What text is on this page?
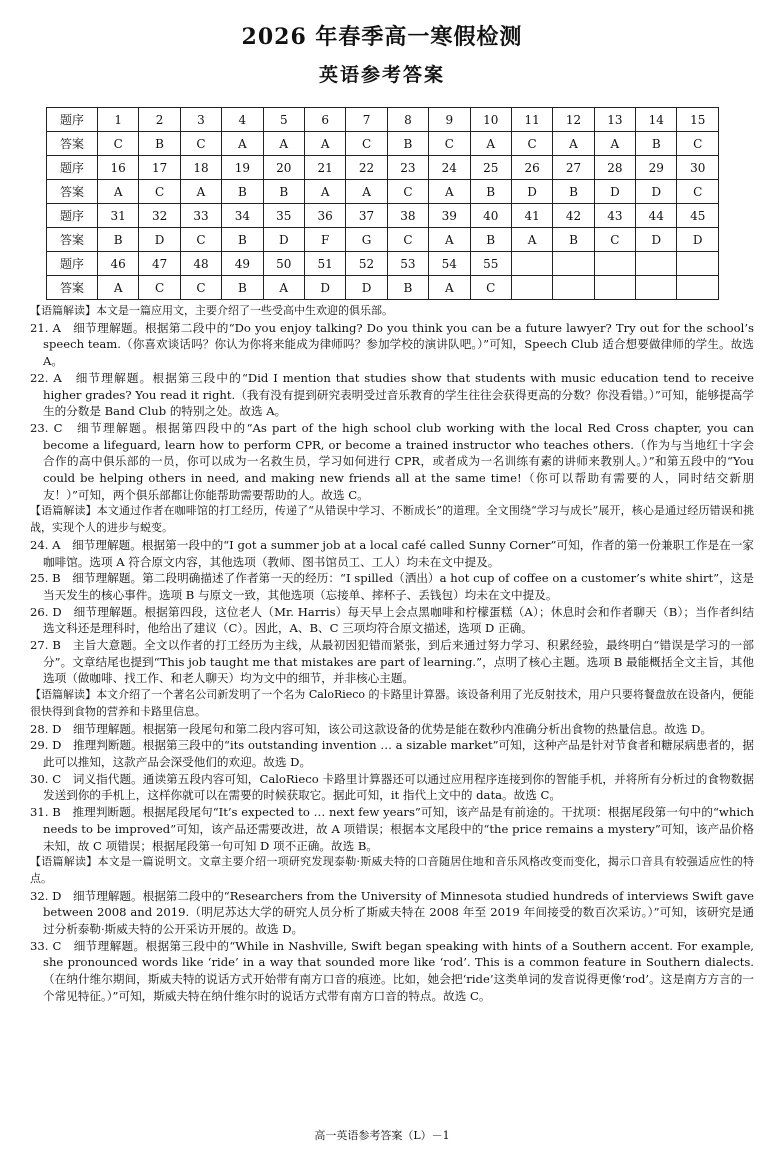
2026 年春季高一寒假检测
英语参考答案
题序	1	2	3	4	5	6	7	8	9	10	11	12	13	14	15
答案	C	B	C	A	A	A	C	B	C	A	C	A	A	B	C
题序	16	17	18	19	20	21	22	23	24	25	26	27	28	29	30
答案	A	C	A	B	B	A	A	C	A	B	D	B	D	D	C
题序	31	32	33	34	35	36	37	38	39	40	41	42	43	44	45
答案	B	D	C	B	D	F	G	C	A	B	A	B	C	D	D
题序	46	47	48	49	50	51	52	53	54	55					
答案	A	C	C	B	A	D	D	B	A	C					
【语篇解读】本文是一篇应用文，主要介绍了一些受高中生欢迎的俱乐部。
21. A　细节理解题。根据第二段中的“Do you enjoy talking? Do you think you can be a future lawyer? Try out for the school’s speech team.（你喜欢谈话吗？你认为你将来能成为律师吗？参加学校的演讲队吧。）”可知，Speech Club 适合想要做律师的学生。故选 A。
22. A　细节理解题。根据第三段中的“Did I mention that studies show that students with music education tend to receive higher grades? You read it right.（我有没有提到研究表明受过音乐教育的学生往往会获得更高的分数？你没看错。）”可知，能够提高学生的分数是 Band Club 的特别之处。故选 A。
23. C　细节理解题。根据第四段中的“As part of the high school club working with the local Red Cross chapter, you can become a lifeguard, learn how to perform CPR, or become a trained instructor who teaches others.（作为与当地红十字会合作的高中俱乐部的一员，你可以成为一名救生员，学习如何进行 CPR，或者成为一名训练有素的讲师来教别人。）”和第五段中的“You could be helping others in need, and making new friends all at the same time!（你可以帮助有需要的人，同时结交新朋友！）”可知，两个俱乐部都让你能帮助需要帮助的人。故选 C。
【语篇解读】本文通过作者在咖啡馆的打工经历，传递了“从错误中学习、不断成长”的道理。全文围绕“学习与成长”展开，核心是通过经历错误和挑战，实现个人的进步与蜕变。
24. A　细节理解题。根据第一段中的“I got a summer job at a local café called Sunny Corner”可知，作者的第一份兼职工作是在一家咖啡馆。选项 A 符合原文内容，其他选项（教师、图书馆员工、工人）均未在文中提及。
25. B　细节理解题。第二段明确描述了作者第一天的经历：“I spilled（洒出）a hot cup of coffee on a customer’s white shirt”，这是当天发生的核心事件。选项 B 与原文一致，其他选项（忘接单、摔杯子、丢钱包）均未在文中提及。
26. D　细节理解题。根据第四段，这位老人（Mr. Harris）每天早上会点黑咖啡和柠檬蛋糕（A）；休息时会和作者聊天（B）；当作者纠结选文科还是理科时，他给出了建议（C）。因此，A、B、C 三项均符合原文描述，选项 D 正确。
27. B　主旨大意题。全文以作者的打工经历为主线，从最初因犯错而紧张，到后来通过努力学习、积累经验，最终明白“错误是学习的一部分”。文章结尾也提到“This job taught me that mistakes are part of learning.”，点明了核心主题。选项 B 最能概括全文主旨，其他选项（做咖啡、找工作、和老人聊天）均为文中的细节，并非核心主题。
【语篇解读】本文介绍了一个著名公司新发明了一个名为 CaloRieco 的卡路里计算器。该设备利用了光反射技术，用户只要将餐盘放在设备内，便能很快得到食物的营养和卡路里信息。
28. D　细节理解题。根据第一段尾句和第二段内容可知，该公司这款设备的优势是能在数秒内准确分析出食物的热量信息。故选 D。
29. D　推理判断题。根据第三段中的“its outstanding invention … a sizable market”可知，这种产品是针对节食者和糖尿病患者的，据此可以推知，这款产品会深受他们的欢迎。故选 D。
30. C　词义指代题。通读第五段内容可知，CaloRieco 卡路里计算器还可以通过应用程序连接到你的智能手机，并将所有分析过的食物数据发送到你的手机上，这样你就可以在需要的时候获取它。据此可知，it 指代上文中的 data。故选 C。
31. B　推理判断题。根据尾段尾句“It’s expected to … next few years”可知，该产品是有前途的。干扰项：根据尾段第一句中的“which needs to be improved”可知，该产品还需要改进，故 A 项错误；根据本文尾段中的“the price remains a mystery”可知，该产品价格未知，故 C 项错误；根据尾段第一句可知 D 项不正确。故选 B。
【语篇解读】本文是一篇说明文。文章主要介绍一项研究发现泰勒·斯威夫特的口音随居住地和音乐风格改变而变化，揭示口音具有较强适应性的特点。
32. D　细节理解题。根据第二段中的“Researchers from the University of Minnesota studied hundreds of interviews Swift gave between 2008 and 2019.（明尼苏达大学的研究人员分析了斯威夫特在 2008 年至 2019 年间接受的数百次采访。）”可知，该研究是通过分析泰勒·斯威夫特的公开采访开展的。故选 D。
33. C　细节理解题。根据第三段中的“While in Nashville, Swift began speaking with hints of a Southern accent. For example, she pronounced words like ‘ride’ in a way that sounded more like ‘rod’. This is a common feature in Southern dialects.（在纳什维尔期间，斯威夫特的说话方式开始带有南方口音的痕迹。比如，她会把‘ride’这类单词的发音说得更像‘rod’。这是南方方言的一个常见特征。）”可知，斯威夫特在纳什维尔时的说话方式带有南方口音的特点。故选 C。
高一英语参考答案（L）－1
